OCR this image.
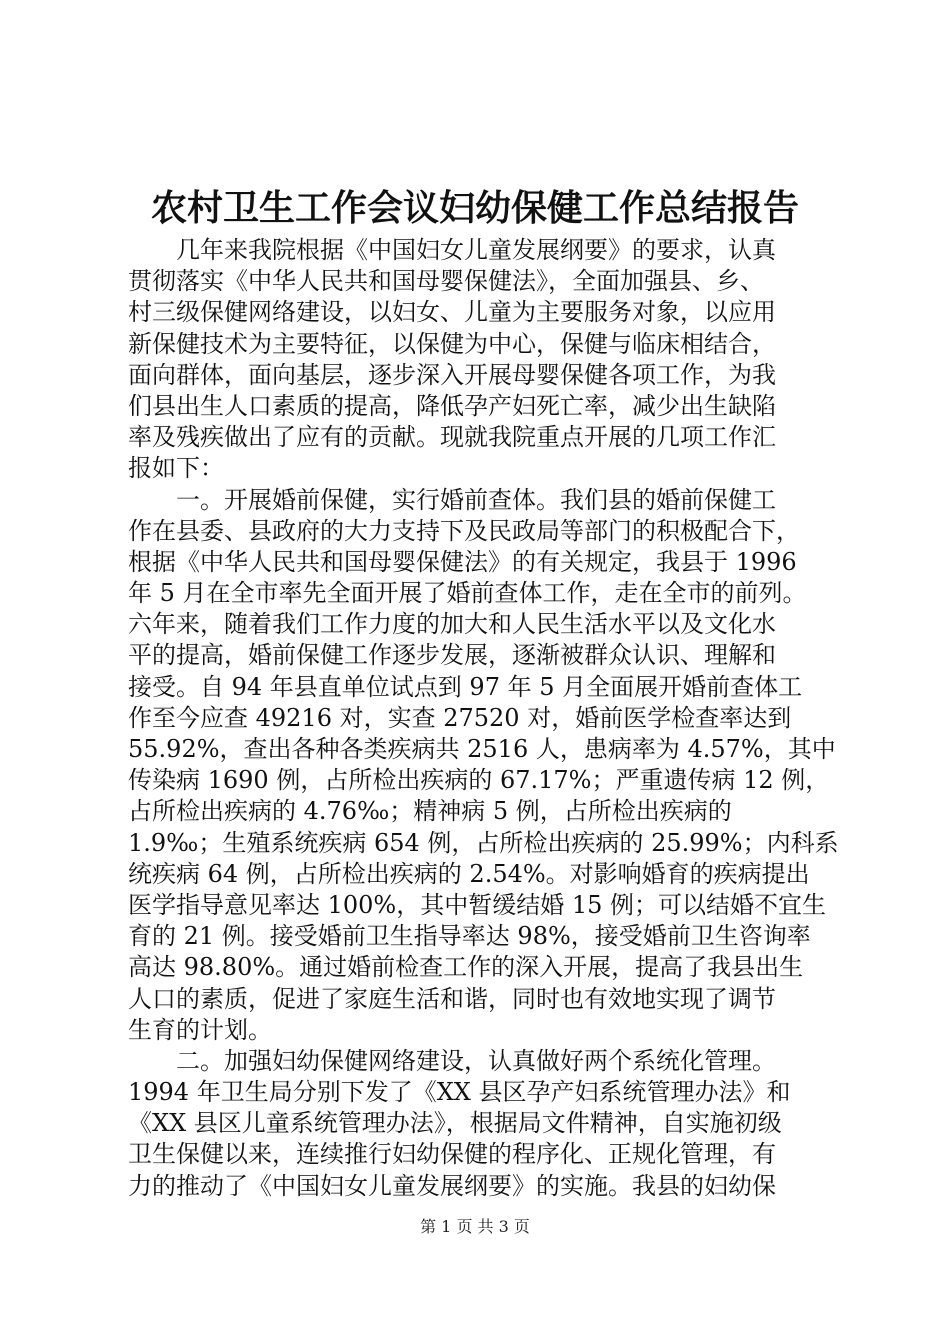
农村卫生工作会议妇幼保健工作总结报告

几年来我院根据《中国妇女儿童发展纲要》的要求，认真

贯彻落实《中华人民共和国母婴保健法》，全面加强县、乡、

村三级保健网络建设，以妇女、儿童为主要服务对象，以应用

新保健技术为主要特征，以保健为中心，保健与临床相结合，

面向群体，面向基层，逐步深入开展母婴保健各项工作，为我

们县出生人口素质的提高，降低孕产妇死亡率，减少出生缺陷

率及残疾做出了应有的贡献。现就我院重点开展的几项工作汇

报如下：

一。开展婚前保健，实行婚前查体。我们县的婚前保健工

作在县委、县政府的大力支持下及民政局等部门的积极配合下，

根据《中华人民共和国母婴保健法》的有关规定，我县于 1996

年 5 月在全市率先全面开展了婚前查体工作，走在全市的前列。

六年来，随着我们工作力度的加大和人民生活水平以及文化水

平的提高，婚前保健工作逐步发展，逐渐被群众认识、理解和

接受。自 94 年县直单位试点到 97 年 5 月全面展开婚前查体工

作至今应查 49216 对，实查 27520 对，婚前医学检查率达到

55.92%，查出各种各类疾病共 2516 人，患病率为 4.57%，其中

传染病 1690 例，占所检出疾病的 67.17%；严重遗传病 12 例，

占所检出疾病的 4.76‰；精神病 5 例，占所检出疾病的

1.9‰；生殖系统疾病 654 例，占所检出疾病的 25.99%；内科系

统疾病 64 例，占所检出疾病的 2.54%。对影响婚育的疾病提出

医学指导意见率达 100%，其中暂缓结婚 15 例；可以结婚不宜生

育的 21 例。接受婚前卫生指导率达 98%，接受婚前卫生咨询率

高达 98.80%。通过婚前检查工作的深入开展，提高了我县出生

人口的素质，促进了家庭生活和谐，同时也有效地实现了调节

生育的计划。

二。加强妇幼保健网络建设，认真做好两个系统化管理。

1994 年卫生局分别下发了《XX 县区孕产妇系统管理办法》和

《XX 县区儿童系统管理办法》，根据局文件精神，自实施初级

卫生保健以来，连续推行妇幼保健的程序化、正规化管理，有

力的推动了《中国妇女儿童发展纲要》的实施。我县的妇幼保

第 1 页 共 3 页
